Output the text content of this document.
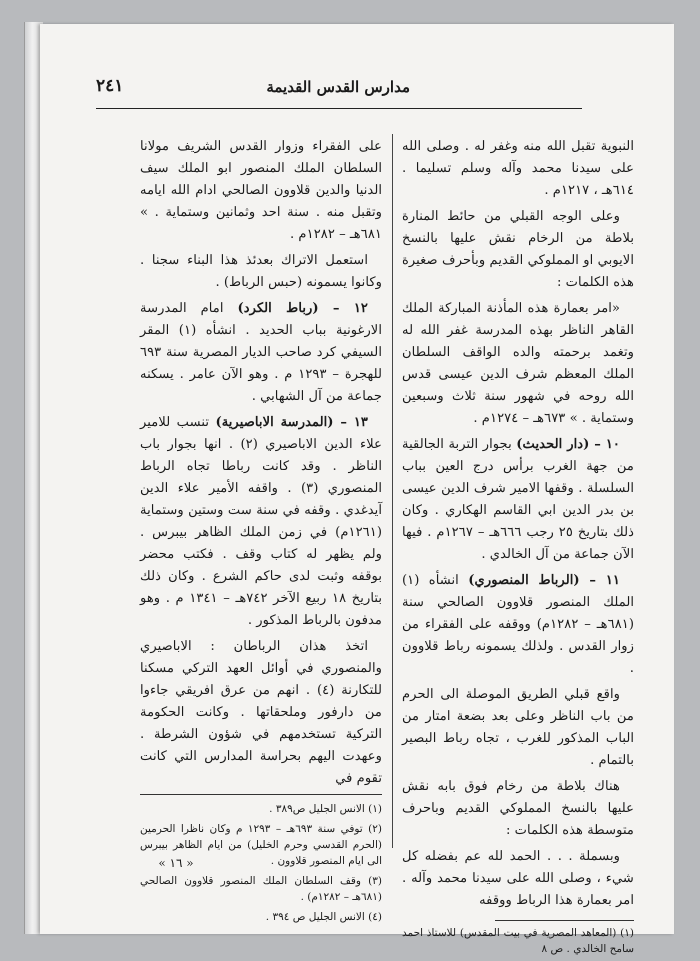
مدارس القدس القديمة
٢٤١

النبوية تقبل الله منه وغفر له . وصلى الله على سيدنا محمد وآله وسلم تسليما . ٦١٤هـ ، ١٢١٧م .

وعلى الوجه القبلي من حائط المنارة بلاطة من الرخام نقش عليها بالنسخ الايوبي او المملوكي القديم وبأحرف صغيرة هذه الكلمات :

«امر بعمارة هذه المأذنة المباركة الملك القاهر الناظر بهذه المدرسة غفر الله له وتغمد برحمته والده الواقف السلطان الملك المعظم شرف الدين عيسى قدس الله روحه في شهور سنة ثلاث وسبعين وستماية . » ٦٧٣هـ – ١٢٧٤م .

١٠ – (دار الحديث) بجوار التربة الجالقية من جهة الغرب برأس درج العين بباب السلسلة . وقفها الامير شرف الدين عيسى بن بدر الدين ابي القاسم الهكاري . وكان ذلك بتاريخ ٢٥ رجب ٦٦٦هـ – ١٢٦٧م . فيها الآن جماعة من آل الخالدي .

١١ – (الرباط المنصوري) انشأه (١) الملك المنصور قلاوون الصالحي سنة (٦٨١هـ – ١٢٨٢م) ووقفه على الفقراء من زوار القدس . ولذلك يسمونه رباط قلاوون .

واقع قبلي الطريق الموصلة الى الحرم من باب الناظر وعلى بعد بضعة امتار من الباب المذكور للغرب ، تجاه رباط البصير بالتمام .

هناك بلاطة من رخام فوق بابه نقش عليها بالنسخ المملوكي القديم وباحرف متوسطة هذه الكلمات :

وبسملة . . . الحمد لله عم بفضله كل شيء ، وصلى الله على سيدنا محمد وآله . امر بعمارة هذا الرباط ووقفه

(١) (المعاهد المصرية في بيت المقدس) للاستاذ احمد سامح الخالدي . ص ٨

على الفقراء وزوار القدس الشريف مولانا السلطان الملك المنصور ابو الملك سيف الدنيا والدين قلاوون الصالحي ادام الله ايامه وتقبل منه . سنة احد وثمانين وستماية . » ٦٨١هـ – ١٢٨٢م .

استعمل الاتراك بعدئذ هذا البناء سجنا . وكانوا يسمونه (حبس الرباط) .

١٢ – (رباط الكرد) امام المدرسة الارغونية بباب الحديد . انشأه (١) المقر السيفي كرد صاحب الديار المصرية سنة ٦٩٣ للهجرة – ١٢٩٣ م . وهو الآن عامر . يسكنه جماعة من آل الشهابي .

١٣ – (المدرسة الاباصيرية) تنسب للامير علاء الدين الاباصيري (٢) . انها بجوار باب الناظر . وقد كانت رباطا تجاه الرباط المنصوري (٣) . واقفه الأمير علاء الدين آيدغدي . وقفه في سنة ست وستين وستماية (١٢٦١م) في زمن الملك الظاهر بيبرس . ولم يظهر له كتاب وقف . فكتب محضر بوقفه وثبت لدى حاكم الشرع . وكان ذلك بتاريخ ١٨ ربيع الآخر ٧٤٢هـ – ١٣٤١ م . وهو مدفون بالرباط المذكور .

اتخذ هذان الرباطان : الاباصيري والمنصوري في أوائل العهد التركي مسكنا للتكارنة (٤) . انهم من عرق افريقي جاءوا من دارفور وملحقاتها . وكانت الحكومة التركية تستخدمهم في شؤون الشرطة . وعهدت اليهم بحراسة المدارس التي كانت تقوم في

(١) الانس الجليل ص٣٨٩ .

(٢) توفي سنة ٦٩٣هـ – ١٢٩٣ م وكان ناظرا الحرمين (الحرم القدسي وحرم الخليل) من ايام الظاهر بيبرس الى ايام المنصور قلاوون .

(٣) وقف السلطان الملك المنصور قلاوون الصالحي (٦٨١هـ – ١٢٨٢م) .

(٤) الانس الجليل ص ٣٩٤ .

« ١٦ »
